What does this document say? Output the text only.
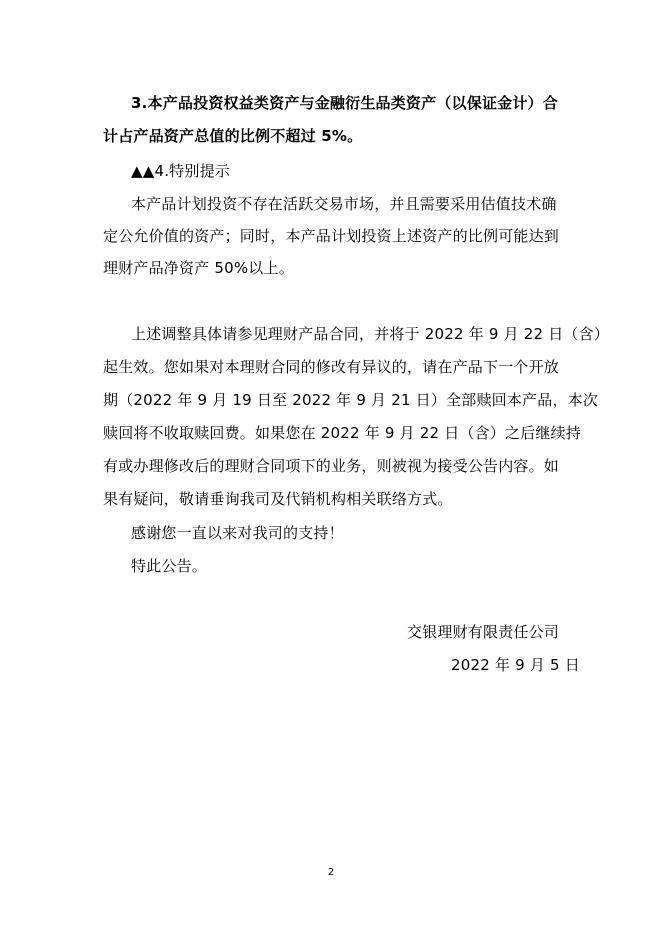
3.本产品投资权益类资产与金融衍生品类资产（以保证金计）合
计占产品资产总值的比例不超过 5%。
▲▲4.特别提示
本产品计划投资不存在活跃交易市场，并且需要采用估值技术确
定公允价值的资产；同时，本产品计划投资上述资产的比例可能达到
理财产品净资产 50%以上。
上述调整具体请参见理财产品合同，并将于 2022 年 9 月 22 日（含）
起生效。您如果对本理财合同的修改有异议的，请在产品下一个开放
期（2022 年 9 月 19 日至 2022 年 9 月 21 日）全部赎回本产品，本次
赎回将不收取赎回费。如果您在 2022 年 9 月 22 日（含）之后继续持
有或办理修改后的理财合同项下的业务，则被视为接受公告内容。如
果有疑问，敬请垂询我司及代销机构相关联络方式。
感谢您一直以来对我司的支持！
特此公告。
交银理财有限责任公司
2022 年 9 月 5 日
2
